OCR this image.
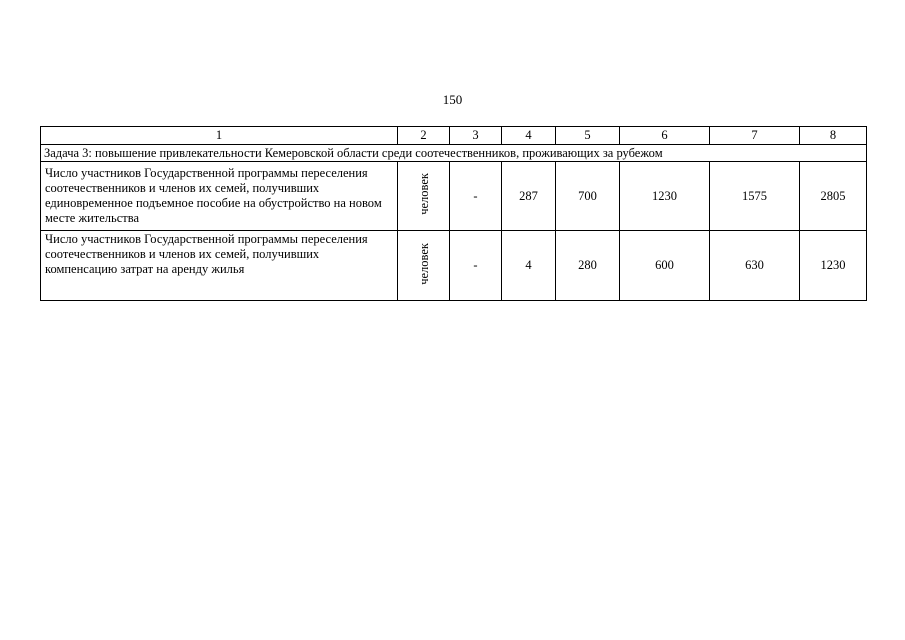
150
1	2	3	4	5	6	7	8
Задача 3: повышение привлекательности Кемеровской области среди соотечественников, проживающих за рубежом							
Число участников Государственной программы переселения соотечественников и членов их семей, получивших единовременное подъемное пособие на обустройство на новом месте жительства	человек	-	287	700	1230	1575	2805
Число участников Государственной программы переселения соотечественников и членов их семей, получивших компенсацию затрат на аренду жилья	человек	-	4	280	600	630	1230
